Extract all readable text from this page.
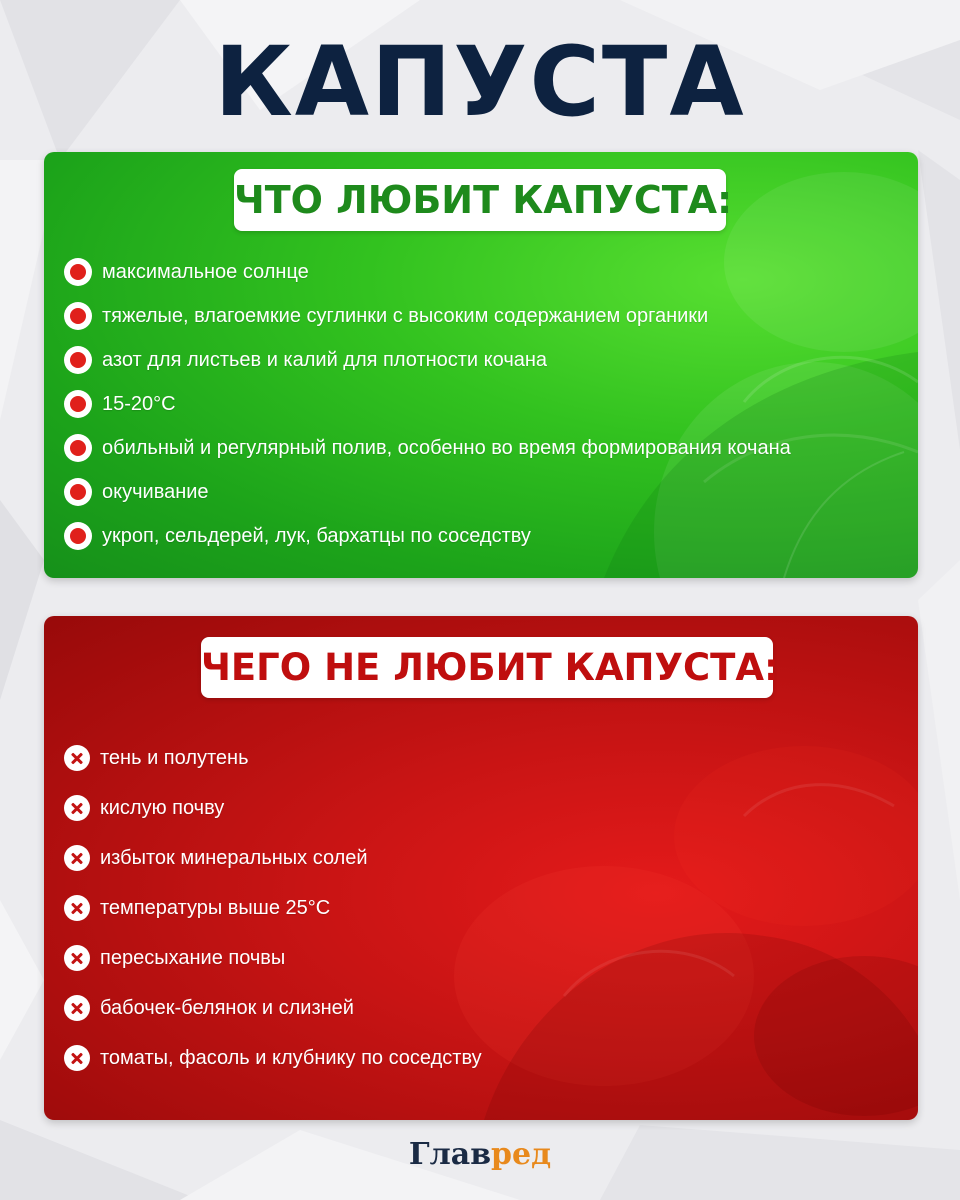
КАПУСТА
ЧТО ЛЮБИТ КАПУСТА:
максимальное солнце
тяжелые, влагоемкие суглинки с высоким содержанием органики
азот для листьев и калий для плотности кочана
15-20°С
обильный и регулярный полив, особенно во время формирования кочана
окучивание
укроп, сельдерей, лук, бархатцы по соседству
ЧЕГО НЕ ЛЮБИТ КАПУСТА:
тень и полутень
кислую почву
избыток минеральных солей
температуры выше 25°С
пересыхание почвы
бабочек-белянок и слизней
томаты, фасоль и клубнику по соседству
Главред
